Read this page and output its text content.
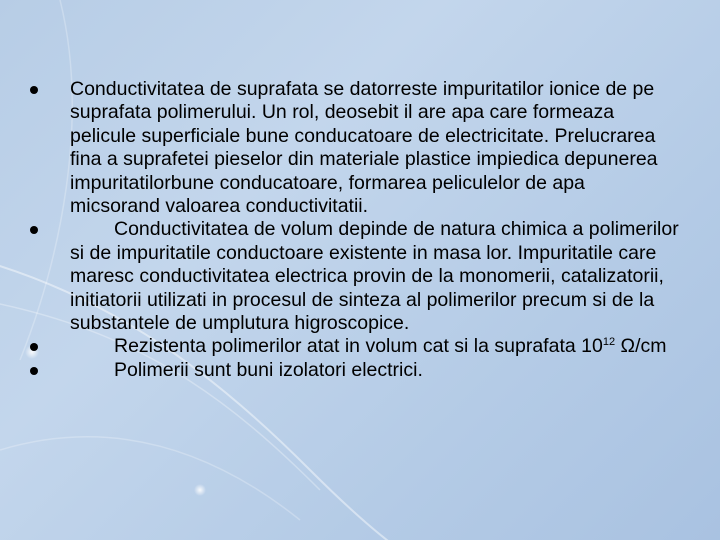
Conductivitatea de suprafata se datorreste impuritatilor ionice de pe suprafata polimerului. Un rol, deosebit il are apa care formeaza pelicule superficiale bune conducatoare de electricitate. Prelucrarea fina a suprafetei pieselor din materiale plastice impiedica depunerea impuritatilorbune conducatoare, formarea peliculelor de apa micsorand valoarea conductivitatii.
Conductivitatea de volum depinde de natura chimica a polimerilor si de impuritatile conductoare existente in masa lor. Impuritatile care maresc conductivitatea electrica provin de la monomerii, catalizatorii, initiatorii utilizati in procesul de sinteza al polimerilor precum si de la substantele de umplutura higroscopice.
Rezistenta polimerilor atat in volum cat si la suprafata $10^{12}$ Ω/cm
Polimerii sunt buni izolatori electrici.
